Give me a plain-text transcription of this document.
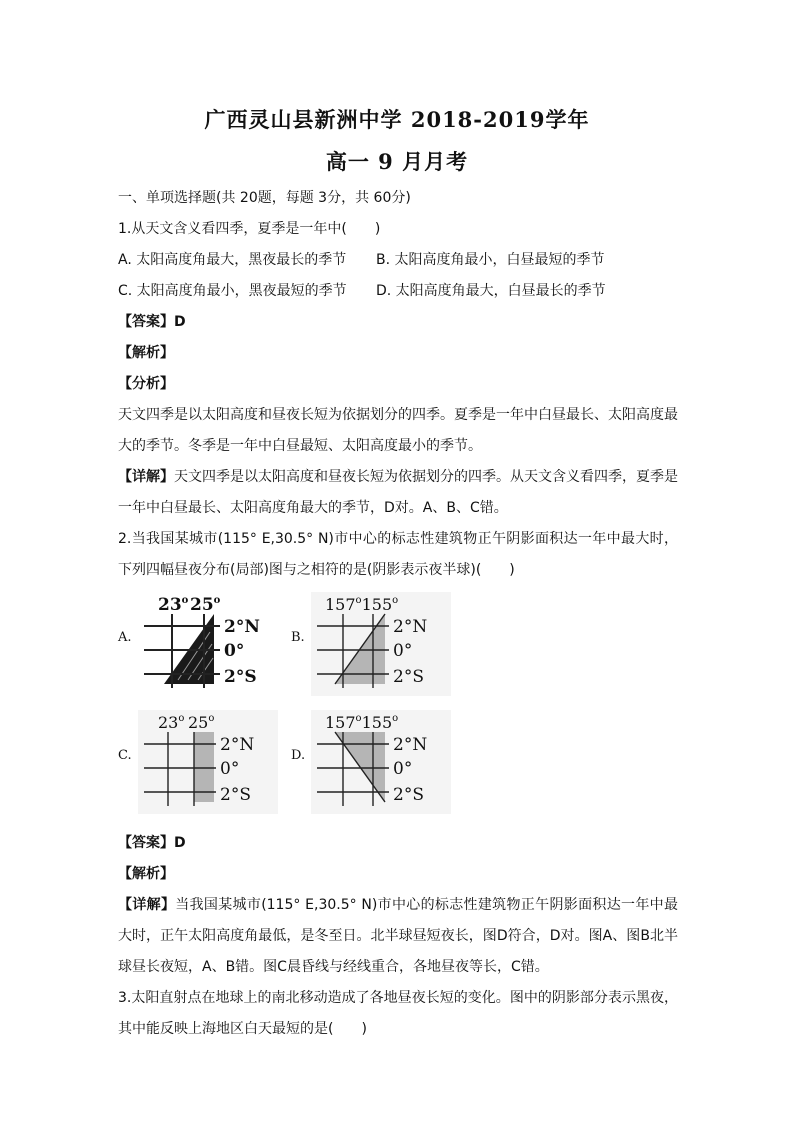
广西灵山县新洲中学 2018-2019学年
高一 9 月月考
一、单项选择题(共 20题，每题 3分，共 60分)
1.从天文含义看四季，夏季是一年中(　　)
A. 太阳高度角最大，黑夜最长的季节 B. 太阳高度角最小，白昼最短的季节
C. 太阳高度角最小，黑夜最短的季节 D. 太阳高度角最大，白昼最长的季节
【答案】D
【解析】
【分析】
天文四季是以太阳高度和昼夜长短为依据划分的四季。夏季是一年中白昼最长、太阳高度最大的季节。冬季是一年中白昼最短、太阳高度最小的季节。
【详解】天文四季是以太阳高度和昼夜长短为依据划分的四季。从天文含义看四季，夏季是一年中白昼最长、太阳高度角最大的季节，D对。A、B、C错。
2.当我国某城市(115° E,30.5° N)市中心的标志性建筑物正午阴影面积达一年中最大时，下列四幅昼夜分布(局部)图与之相符的是(阴影表示夜半球)(　　)
A.
23$^o$ 25$^o$
2°N
0°
2°S
B.
157$^o$155$^o$
2°N
0°
2°S
C.
23$^o$ 25$^o$
2°N
0°
2°S
D.
157$^o$155$^o$
2°N
0°
2°S
【答案】D
【解析】
【详解】当我国某城市(115° E,30.5° N)市中心的标志性建筑物正午阴影面积达一年中最大时，正午太阳高度角最低，是冬至日。北半球昼短夜长，图D符合，D对。图A、图B北半球昼长夜短，A、B错。图C晨昏线与经线重合，各地昼夜等长，C错。
3.太阳直射点在地球上的南北移动造成了各地昼夜长短的变化。图中的阴影部分表示黑夜，其中能反映上海地区白天最短的是(　　)
